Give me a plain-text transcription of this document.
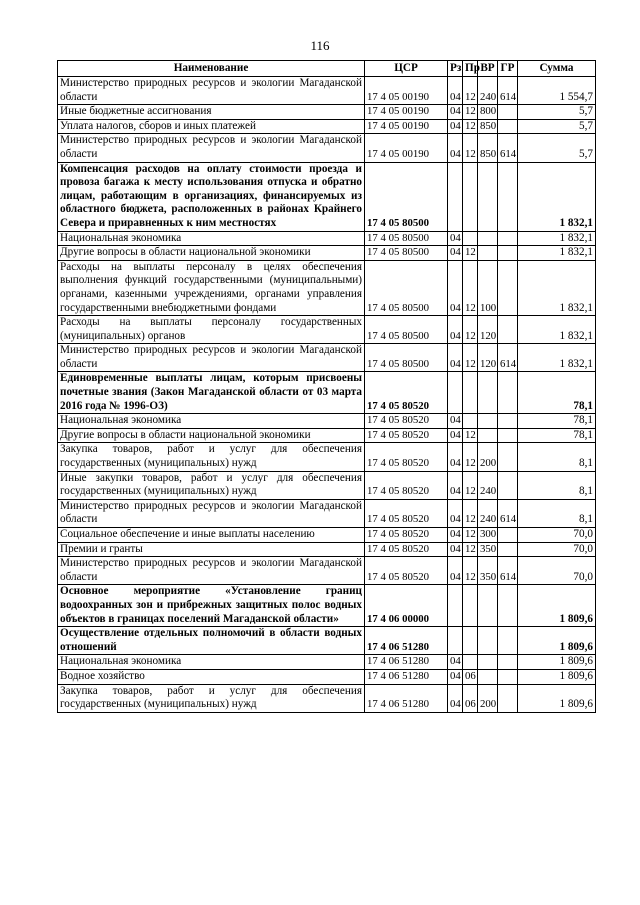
116
Наименование	ЦСР	Рз	Пр	ВР	ГР	Сумма
Министерство природных ресурсов и экологии Магаданской области	17 4 05 00190	04	12	240	614	1 554,7
Иные бюджетные ассигнования	17 4 05 00190	04	12	800		5,7
Уплата налогов, сборов и иных платежей	17 4 05 00190	04	12	850		5,7
Министерство природных ресурсов и экологии Магаданской области	17 4 05 00190	04	12	850	614	5,7
Компенсация расходов на оплату стоимости проезда и провоза багажа к месту использования отпуска и обратно лицам, работающим в организациях, финансируемых из областного бюджета, расположенных в районах Крайнего Севера и приравненных к ним местностях	17 4 05 80500					1 832,1
Национальная экономика	17 4 05 80500	04				1 832,1
Другие вопросы в области национальной экономики	17 4 05 80500	04	12			1 832,1
Расходы на выплаты персоналу в целях обеспечения выполнения функций государственными (муниципальными) органами, казенными учреждениями, органами управления государственными внебюджетными фондами	17 4 05 80500	04	12	100		1 832,1
Расходы на выплаты персоналу государственных (муниципальных) органов	17 4 05 80500	04	12	120		1 832,1
Министерство природных ресурсов и экологии Магаданской области	17 4 05 80500	04	12	120	614	1 832,1
Единовременные выплаты лицам, которым присвоены почетные звания (Закон Магаданской области от 03 марта 2016 года № 1996-ОЗ)	17 4 05 80520					78,1
Национальная экономика	17 4 05 80520	04				78,1
Другие вопросы в области национальной экономики	17 4 05 80520	04	12			78,1
Закупка товаров, работ и услуг для обеспечения государственных (муниципальных) нужд	17 4 05 80520	04	12	200		8,1
Иные закупки товаров, работ и услуг для обеспечения государственных (муниципальных) нужд	17 4 05 80520	04	12	240		8,1
Министерство природных ресурсов и экологии Магаданской области	17 4 05 80520	04	12	240	614	8,1
Социальное обеспечение и иные выплаты населению	17 4 05 80520	04	12	300		70,0
Премии и гранты	17 4 05 80520	04	12	350		70,0
Министерство природных ресурсов и экологии Магаданской области	17 4 05 80520	04	12	350	614	70,0
Основное мероприятие «Установление границ водоохранных зон и прибрежных защитных полос водных объектов в границах поселений Магаданской области»	17 4 06 00000					1 809,6
Осуществление отдельных полномочий в области водных отношений	17 4 06 51280					1 809,6
Национальная экономика	17 4 06 51280	04				1 809,6
Водное хозяйство	17 4 06 51280	04	06			1 809,6
Закупка товаров, работ и услуг для обеспечения государственных (муниципальных) нужд	17 4 06 51280	04	06	200		1 809,6
